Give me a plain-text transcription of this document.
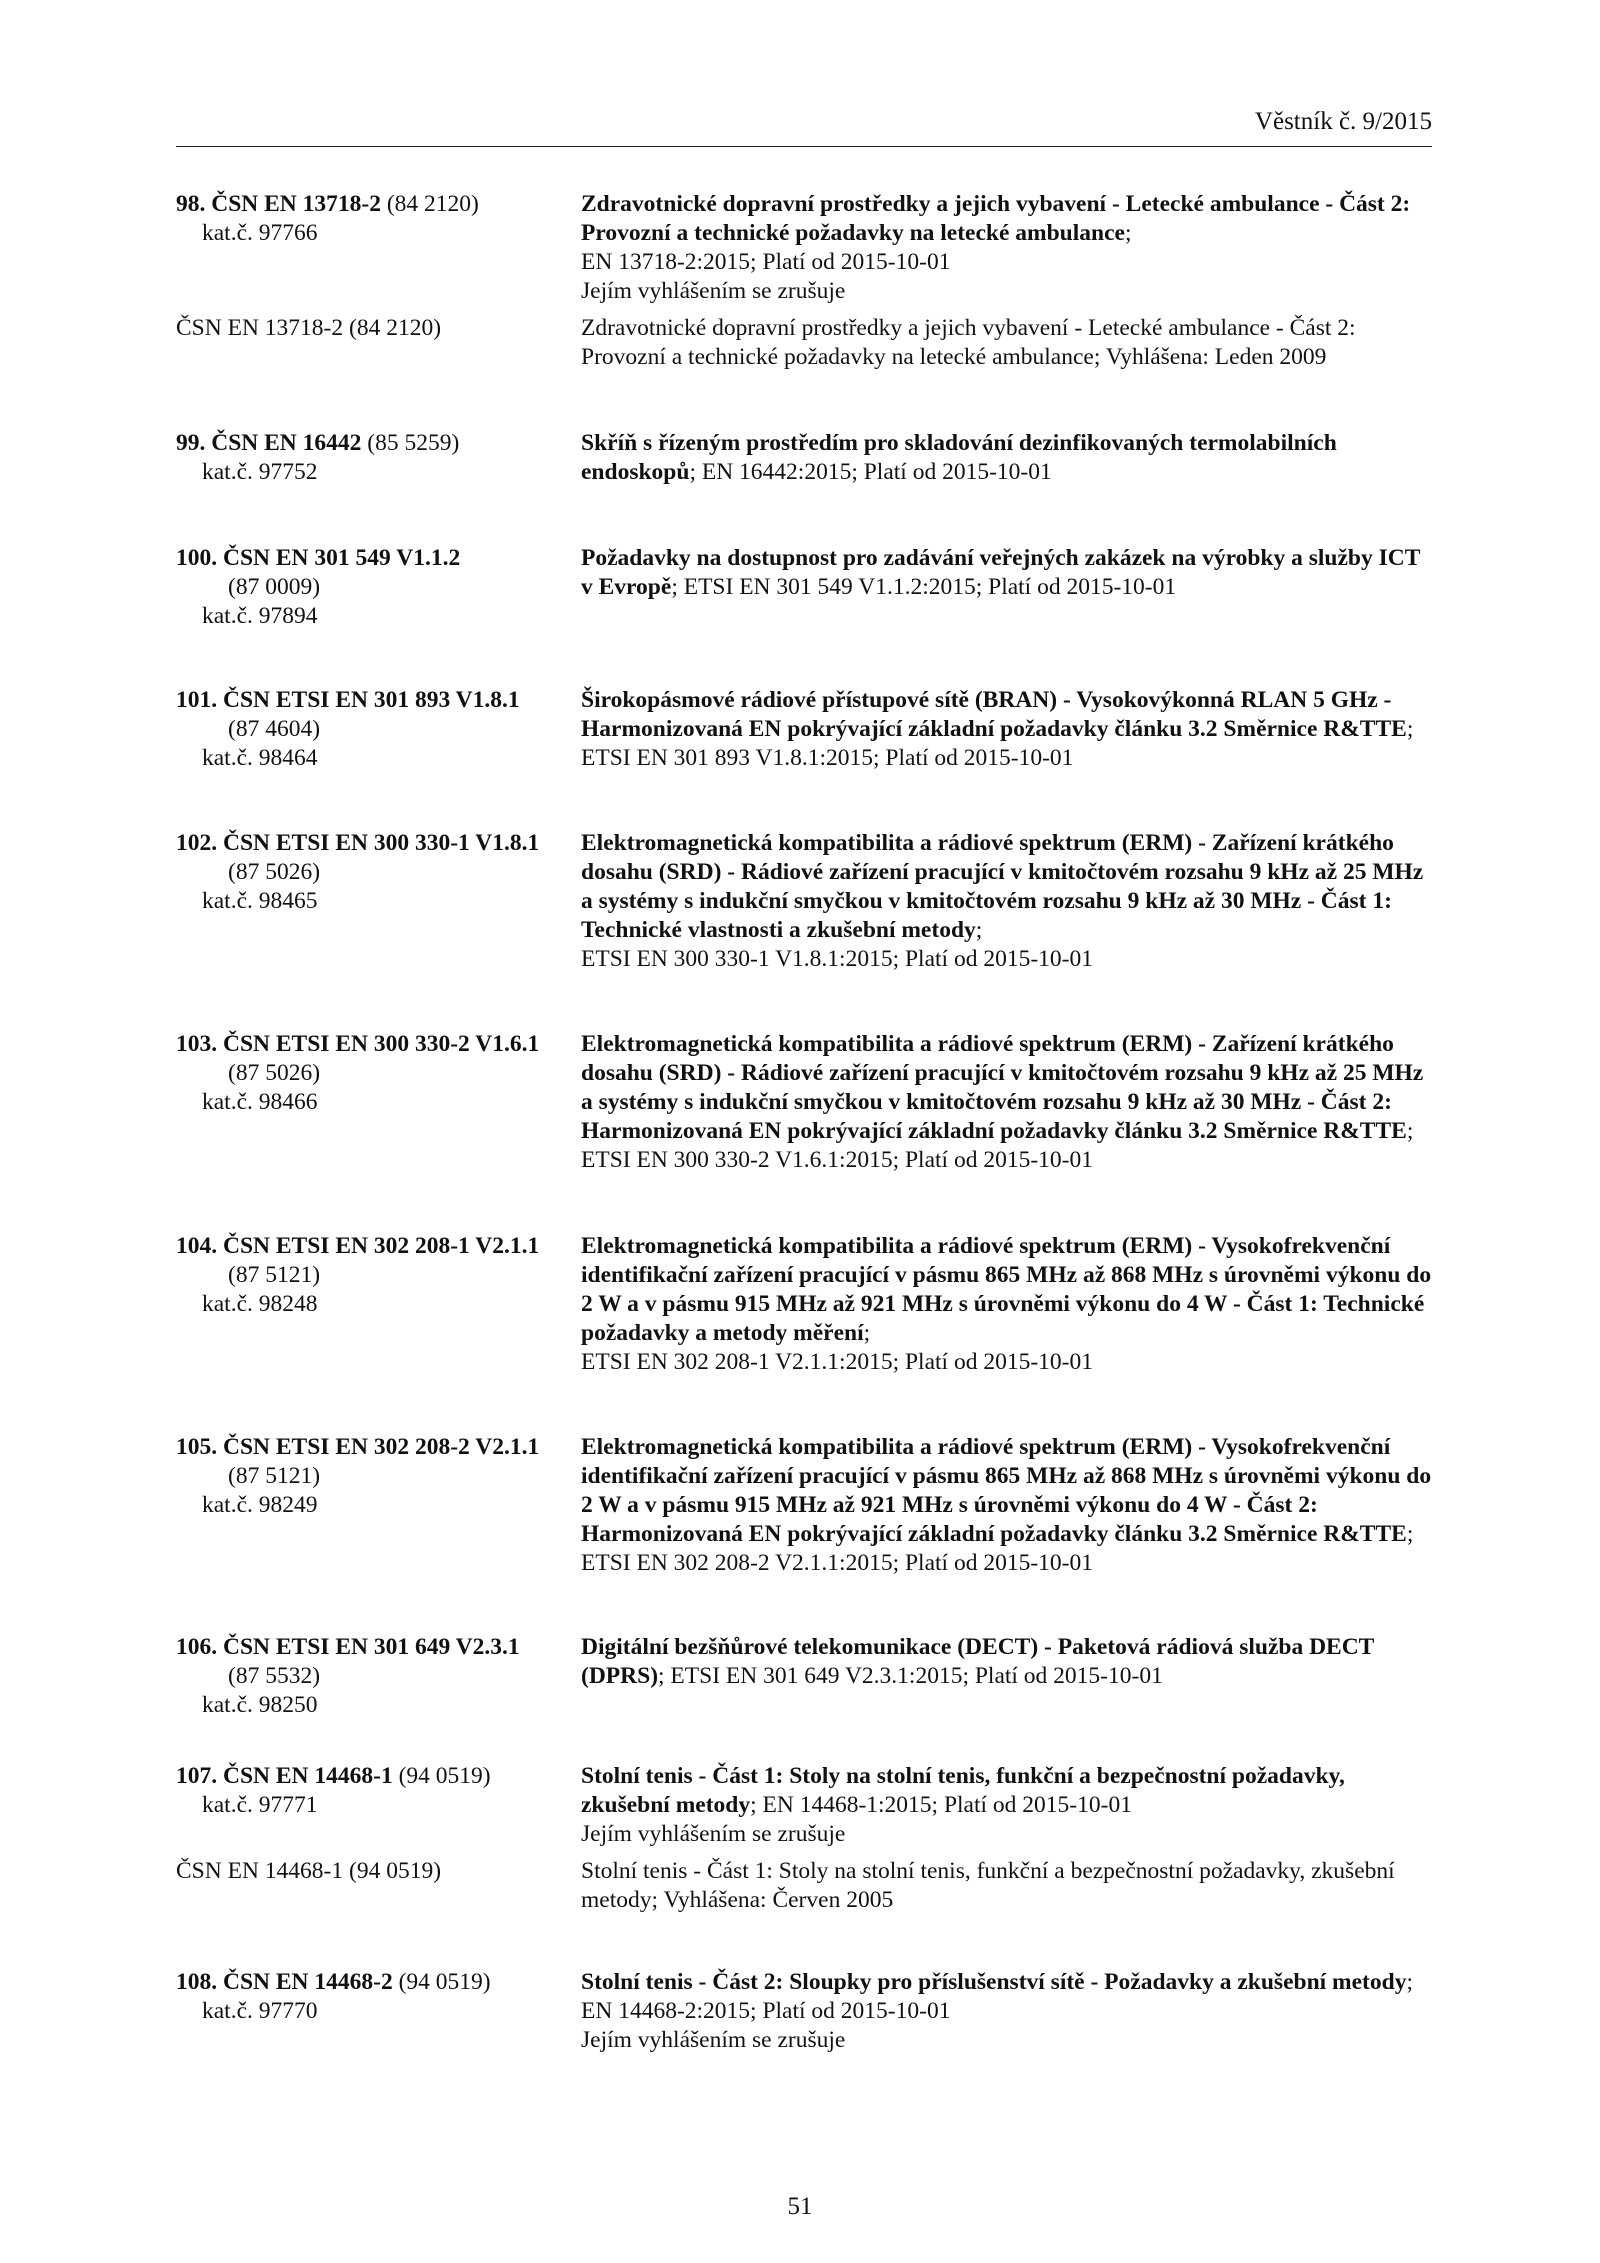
Věstník č. 9/2015
98. ČSN EN 13718-2 (84 2120)
kat.č. 97766
Zdravotnické dopravní prostředky a jejich vybavení - Letecké ambulance - Část 2: Provozní a technické požadavky na letecké ambulance;
EN 13718-2:2015; Platí od 2015-10-01
Jejím vyhlášením se zrušuje
ČSN EN 13718-2 (84 2120)	Zdravotnické dopravní prostředky a jejich vybavení - Letecké ambulance - Část 2: Provozní a technické požadavky na letecké ambulance; Vyhlášena: Leden 2009
99. ČSN EN 16442 (85 5259)
kat.č. 97752
Skříň s řízeným prostředím pro skladování dezinfikovaných termolabilních endoskopů; EN 16442:2015; Platí od 2015-10-01
100. ČSN EN 301 549 V1.1.2
(87 0009)
kat.č. 97894
Požadavky na dostupnost pro zadávání veřejných zakázek na výrobky a služby ICT v Evropě; ETSI EN 301 549 V1.1.2:2015; Platí od 2015-10-01
101. ČSN ETSI EN 301 893 V1.8.1
(87 4604)
kat.č. 98464
Širokopásmové rádiové přístupové sítě (BRAN) - Vysokovýkonná RLAN 5 GHz - Harmonizovaná EN pokrývající základní požadavky článku 3.2 Směrnice R&TTE; ETSI EN 301 893 V1.8.1:2015; Platí od 2015-10-01
102. ČSN ETSI EN 300 330-1 V1.8.1
(87 5026)
kat.č. 98465
Elektromagnetická kompatibilita a rádiové spektrum (ERM) - Zařízení krátkého dosahu (SRD) - Rádiové zařízení pracující v kmitočtovém rozsahu 9 kHz až 25 MHz a systémy s indukční smyčkou v kmitočtovém rozsahu 9 kHz až 30 MHz - Část 1: Technické vlastnosti a zkušební metody;
ETSI EN 300 330-1 V1.8.1:2015; Platí od 2015-10-01
103. ČSN ETSI EN 300 330-2 V1.6.1
(87 5026)
kat.č. 98466
Elektromagnetická kompatibilita a rádiové spektrum (ERM) - Zařízení krátkého dosahu (SRD) - Rádiové zařízení pracující v kmitočtovém rozsahu 9 kHz až 25 MHz a systémy s indukční smyčkou v kmitočtovém rozsahu 9 kHz až 30 MHz - Část 2: Harmonizovaná EN pokrývající základní požadavky článku 3.2 Směrnice R&TTE; ETSI EN 300 330-2 V1.6.1:2015; Platí od 2015-10-01
104. ČSN ETSI EN 302 208-1 V2.1.1
(87 5121)
kat.č. 98248
Elektromagnetická kompatibilita a rádiové spektrum (ERM) - Vysokofrekvenční identifikační zařízení pracující v pásmu 865 MHz až 868 MHz s úrovněmi výkonu do 2 W a v pásmu 915 MHz až 921 MHz s úrovněmi výkonu do 4 W - Část 1: Technické požadavky a metody měření;
ETSI EN 302 208-1 V2.1.1:2015; Platí od 2015-10-01
105. ČSN ETSI EN 302 208-2 V2.1.1
(87 5121)
kat.č. 98249
Elektromagnetická kompatibilita a rádiové spektrum (ERM) - Vysokofrekvenční identifikační zařízení pracující v pásmu 865 MHz až 868 MHz s úrovněmi výkonu do 2 W a v pásmu 915 MHz až 921 MHz s úrovněmi výkonu do 4 W - Část 2: Harmonizovaná EN pokrývající základní požadavky článku 3.2 Směrnice R&TTE; ETSI EN 302 208-2 V2.1.1:2015; Platí od 2015-10-01
106. ČSN ETSI EN 301 649 V2.3.1
(87 5532)
kat.č. 98250
Digitální bezšňůrové telekomunikace (DECT) - Paketová rádiová služba DECT (DPRS); ETSI EN 301 649 V2.3.1:2015; Platí od 2015-10-01
107. ČSN EN 14468-1 (94 0519)
kat.č. 97771
Stolní tenis - Část 1: Stoly na stolní tenis, funkční a bezpečnostní požadavky, zkušební metody; EN 14468-1:2015; Platí od 2015-10-01
Jejím vyhlášením se zrušuje
ČSN EN 14468-1 (94 0519)	Stolní tenis - Část 1: Stoly na stolní tenis, funkční a bezpečnostní požadavky, zkušební metody; Vyhlášena: Červen 2005
108. ČSN EN 14468-2 (94 0519)
kat.č. 97770
Stolní tenis - Část 2: Sloupky pro příslušenství sítě - Požadavky a zkušební metody; EN 14468-2:2015; Platí od 2015-10-01
Jejím vyhlášením se zrušuje
51
